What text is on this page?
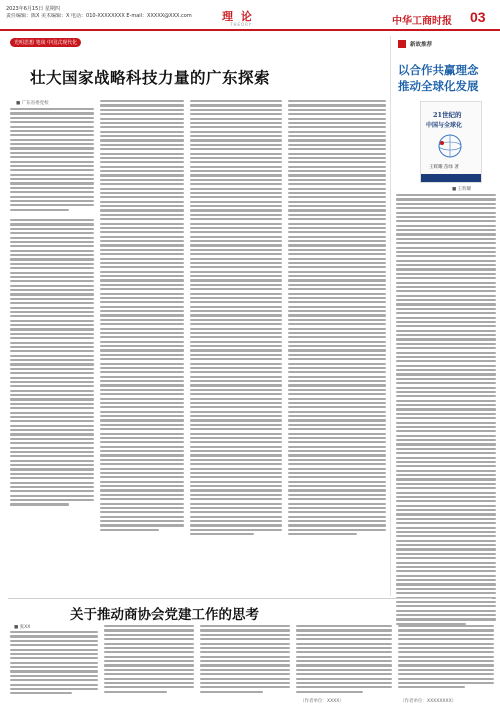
2023年6月15日 星期四
责任编辑：陈X 美术编辑：X 电话：010-XXXXXXXX E-mail：XXXXX@XXX.com	理 论
THEORY	中华工商时报 03
光明思想 笔谈 中国式现代化
壮大国家战略科技力量的广东探索
■ 广东省委党校

新故推荐
以合作共赢理念
推动全球化发展
21世纪的
中国与全球化
王辉耀 苗绿 著
■ 王辉耀

关于推动商协会党建工作的思考
■ 张XX

（作者单位：XXXX）	（作者单位：XXXXXXXX）
